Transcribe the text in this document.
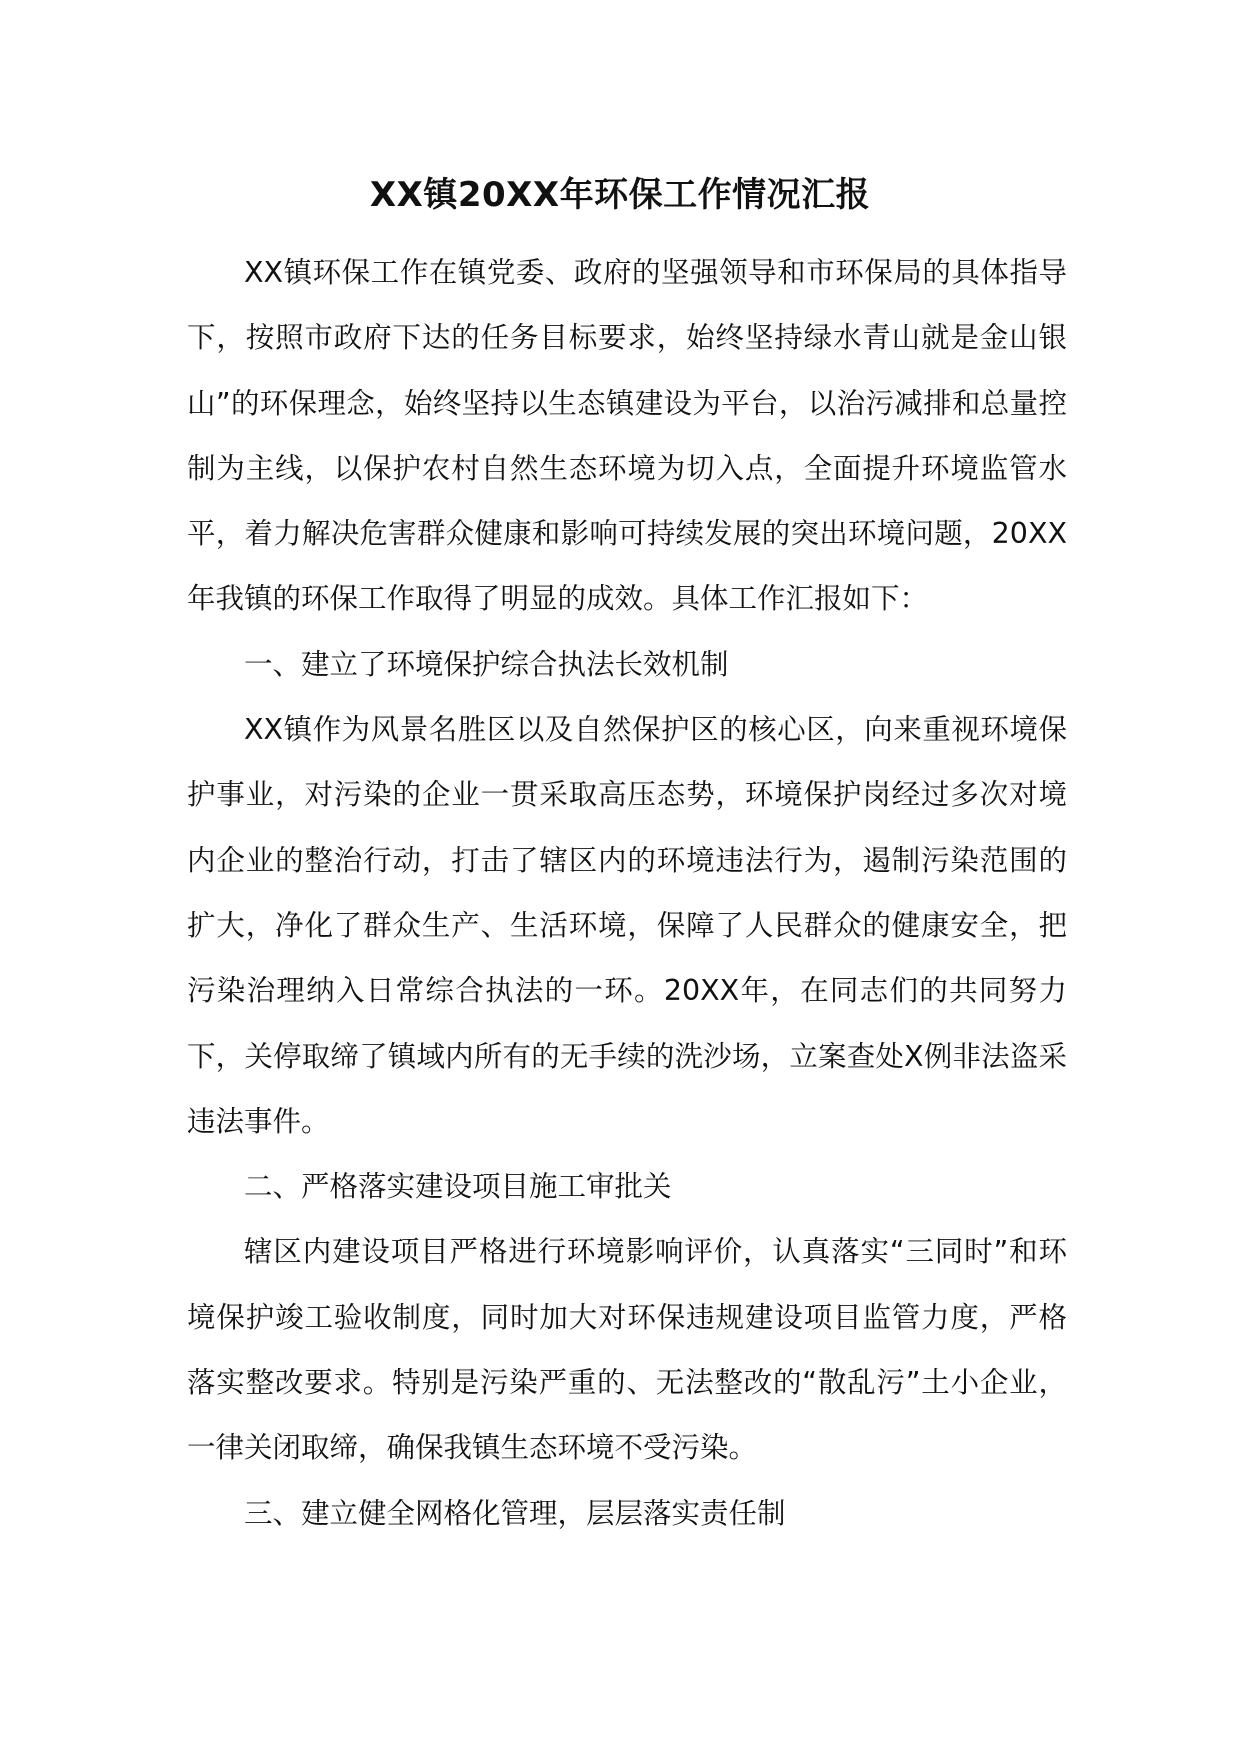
XX镇20XX年环保工作情况汇报

XX镇环保工作在镇党委、政府的坚强领导和市环保局的具体指导下，按照市政府下达的任务目标要求，始终坚持绿水青山就是金山银山”的环保理念，始终坚持以生态镇建设为平台，以治污减排和总量控制为主线，以保护农村自然生态环境为切入点，全面提升环境监管水平，着力解决危害群众健康和影响可持续发展的突出环境问题，20XX年我镇的环保工作取得了明显的成效。具体工作汇报如下：

一、建立了环境保护综合执法长效机制

XX镇作为风景名胜区以及自然保护区的核心区，向来重视环境保护事业，对污染的企业一贯采取高压态势，环境保护岗经过多次对境内企业的整治行动，打击了辖区内的环境违法行为，遏制污染范围的扩大，净化了群众生产、生活环境，保障了人民群众的健康安全，把污染治理纳入日常综合执法的一环。20XX年，在同志们的共同努力下，关停取缔了镇域内所有的无手续的洗沙场，立案查处X例非法盗采违法事件。

二、严格落实建设项目施工审批关

辖区内建设项目严格进行环境影响评价，认真落实“三同时”和环境保护竣工验收制度，同时加大对环保违规建设项目监管力度，严格落实整改要求。特别是污染严重的、无法整改的“散乱污”土小企业，一律关闭取缔，确保我镇生态环境不受污染。

三、建立健全网格化管理，层层落实责任制
